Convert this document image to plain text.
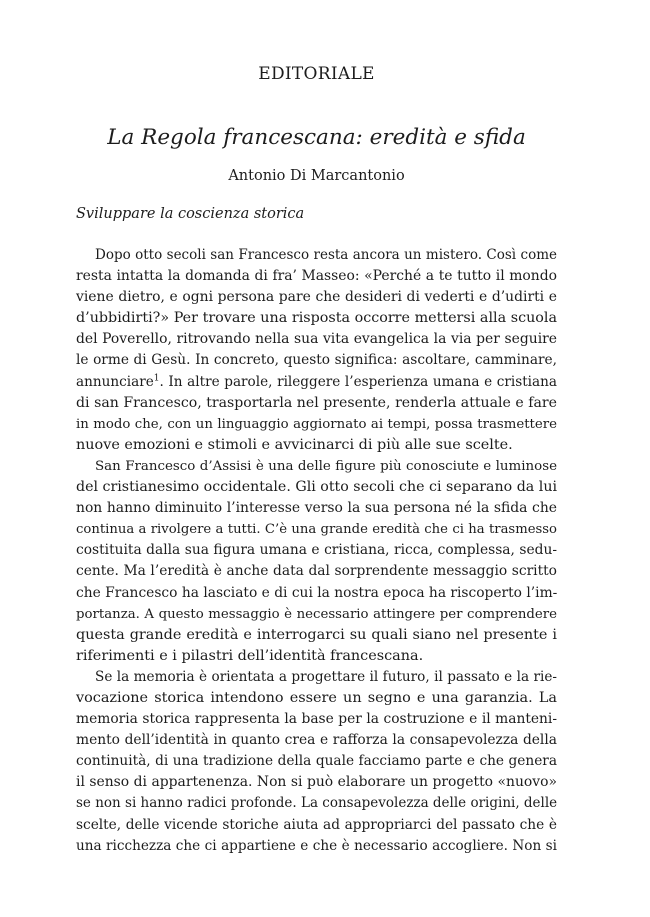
EDITORIALE
La Regola francescana: eredità e sfida
Antonio Di Marcantonio
Sviluppare la coscienza storica
Dopo otto secoli san Francesco resta ancora un mistero. Così come
resta intatta la domanda di fra’ Masseo: «Perché a te tutto il mondo
viene dietro, e ogni persona pare che desideri di vederti e d’udirti e
d’ubbidirti?» Per trovare una risposta occorre mettersi alla scuola
del Poverello, ritrovando nella sua vita evangelica la via per seguire
le orme di Gesù. In concreto, questo significa: ascoltare, camminare,
annunciare$^1$. In altre parole, rileggere l’esperienza umana e cristiana
di san Francesco, trasportarla nel presente, renderla attuale e fare
in modo che, con un linguaggio aggiornato ai tempi, possa trasmettere
nuove emozioni e stimoli e avvicinarci di più alle sue scelte.
San Francesco d’Assisi è una delle figure più conosciute e luminose
del cristianesimo occidentale. Gli otto secoli che ci separano da lui
non hanno diminuito l’interesse verso la sua persona né la sfida che
continua a rivolgere a tutti. C’è una grande eredità che ci ha trasmesso
costituita dalla sua figura umana e cristiana, ricca, complessa, sedu-
cente. Ma l’eredità è anche data dal sorprendente messaggio scritto
che Francesco ha lasciato e di cui la nostra epoca ha riscoperto l’im-
portanza. A questo messaggio è necessario attingere per comprendere
questa grande eredità e interrogarci su quali siano nel presente i
riferimenti e i pilastri dell’identità francescana.
Se la memoria è orientata a progettare il futuro, il passato e la rie-
vocazione storica intendono essere un segno e una garanzia. La
memoria storica rappresenta la base per la costruzione e il manteni-
mento dell’identità in quanto crea e rafforza la consapevolezza della
continuità, di una tradizione della quale facciamo parte e che genera
il senso di appartenenza. Non si può elaborare un progetto «nuovo»
se non si hanno radici profonde. La consapevolezza delle origini, delle
scelte, delle vicende storiche aiuta ad appropriarci del passato che è
una ricchezza che ci appartiene e che è necessario accogliere. Non si
